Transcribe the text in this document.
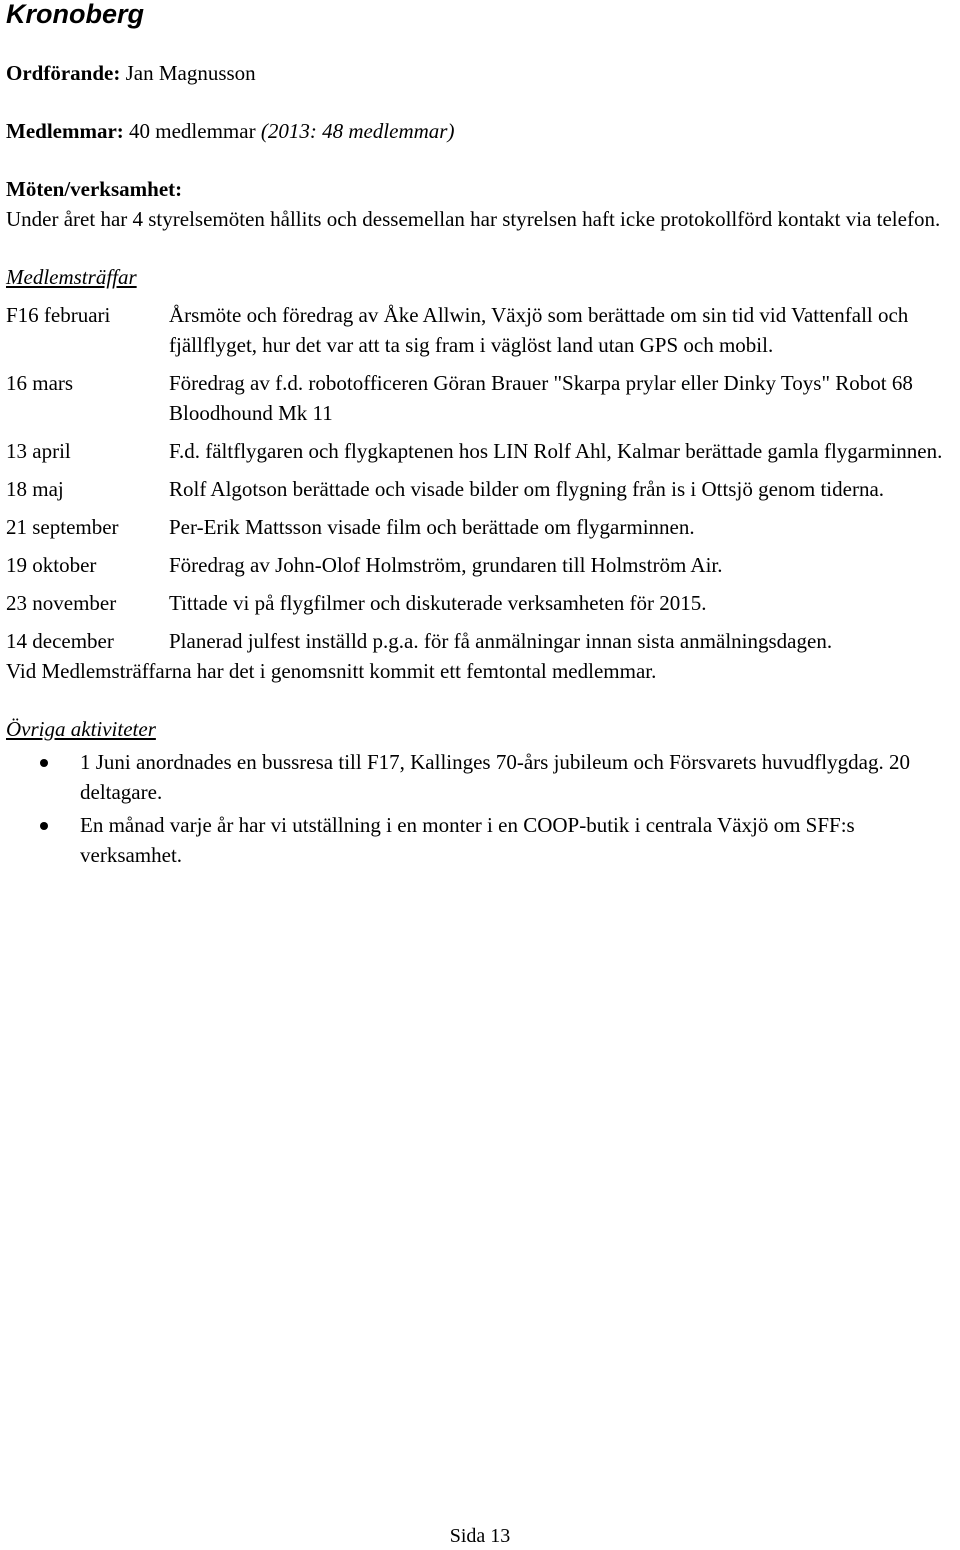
Kronoberg

Ordförande: Jan Magnusson

Medlemmar: 40 medlemmar (2013: 48 medlemmar)

Möten/verksamhet:

Under året har 4 styrelsemöten hållits och dessemellan har styrelsen haft icke protokollförd kontakt via telefon.

Medlemsträffar

F16 februari	Årsmöte och föredrag av Åke Allwin, Växjö som berättade om sin tid vid Vattenfall och fjällflyget, hur det var att ta sig fram i väglöst land utan GPS och mobil.
16 mars	Föredrag av f.d. robotofficeren Göran Brauer "Skarpa prylar eller Dinky Toys" Robot 68 Bloodhound Mk 11
13 april	F.d. fältflygaren och flygkaptenen hos LIN Rolf Ahl, Kalmar berättade gamla flygarminnen.
18 maj	Rolf Algotson berättade och visade bilder om flygning från is i Ottsjö genom tiderna.
21 september	Per-Erik Mattsson visade film och berättade om flygarminnen.
19 oktober	Föredrag av John-Olof Holmström, grundaren till Holmström Air.
23 november	Tittade vi på flygfilmer och diskuterade verksamheten för 2015.
14 december	Planerad julfest inställd p.g.a. för få anmälningar innan sista anmälningsdagen.

Vid Medlemsträffarna har det i genomsnitt kommit ett femtontal medlemmar.

Övriga aktiviteter

1 Juni anordnades en bussresa till F17, Kallinges 70-års jubileum och Försvarets huvudflygdag. 20 deltagare.
En månad varje år har vi utställning i en monter i en COOP-butik i centrala Växjö om SFF:s verksamhet.
Sida 13
